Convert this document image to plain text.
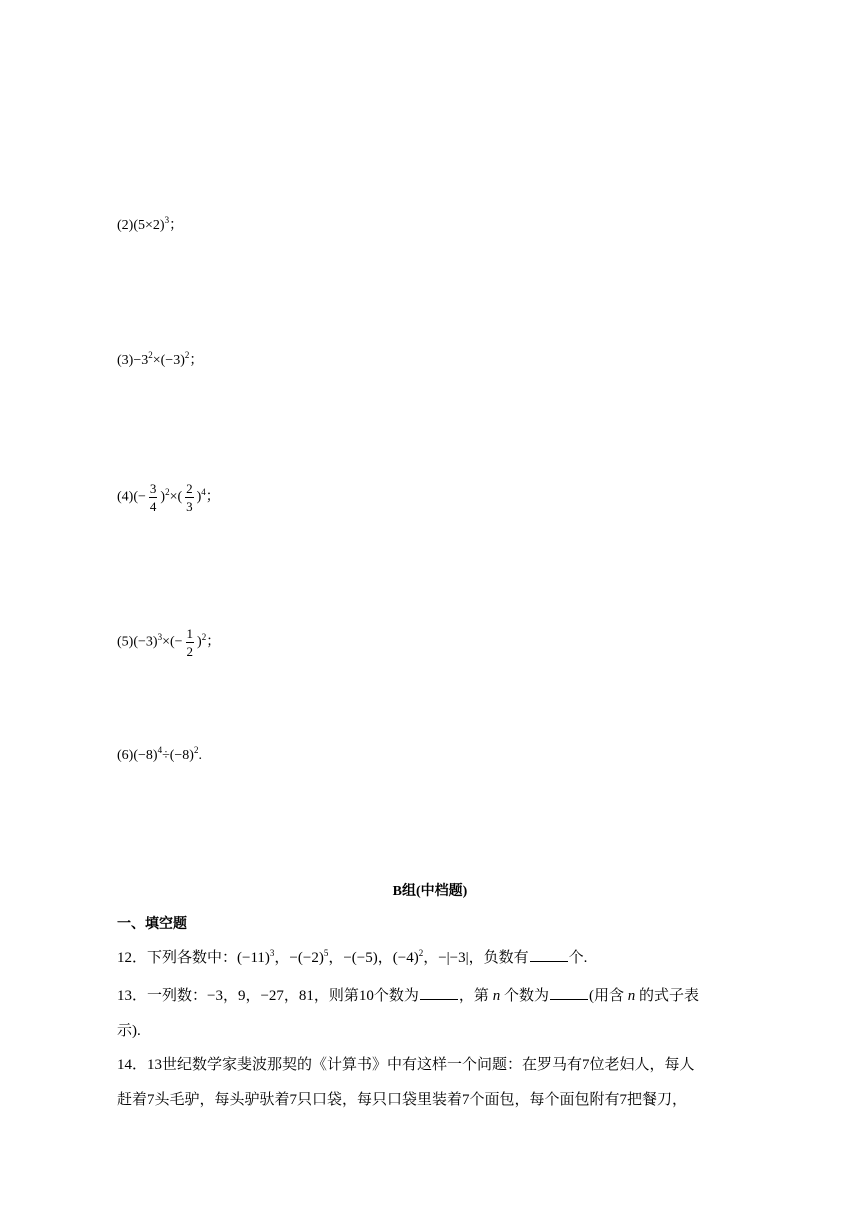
$(2)(5\times 2)^3$；
$(3)-3^2\times(-3)^2$；
$(4)(- \frac{3}{4} )^2\times( \frac{2}{3} )^4$；
$(5)(-3)^3\times(- \frac{1}{2} )^2$；
$(6)(-8)^4\div(-8)^2$.
B组(中档题)
一、填空题
12．下列各数中：$(-11)^3$，$-(-2)^5$，−(−5)，$(-4)^2$，−|−3|，负数有	个.
13．一列数：−3，9，−27，81，则第10个数为	，第 n 个数为	(用含 n 的式子表
示).
14．13世纪数学家斐波那契的《计算书》中有这样一个问题：在罗马有7位老妇人，每人
赶着7头毛驴，每头驴驮着7只口袋，每只口袋里装着7个面包，每个面包附有7把餐刀，
